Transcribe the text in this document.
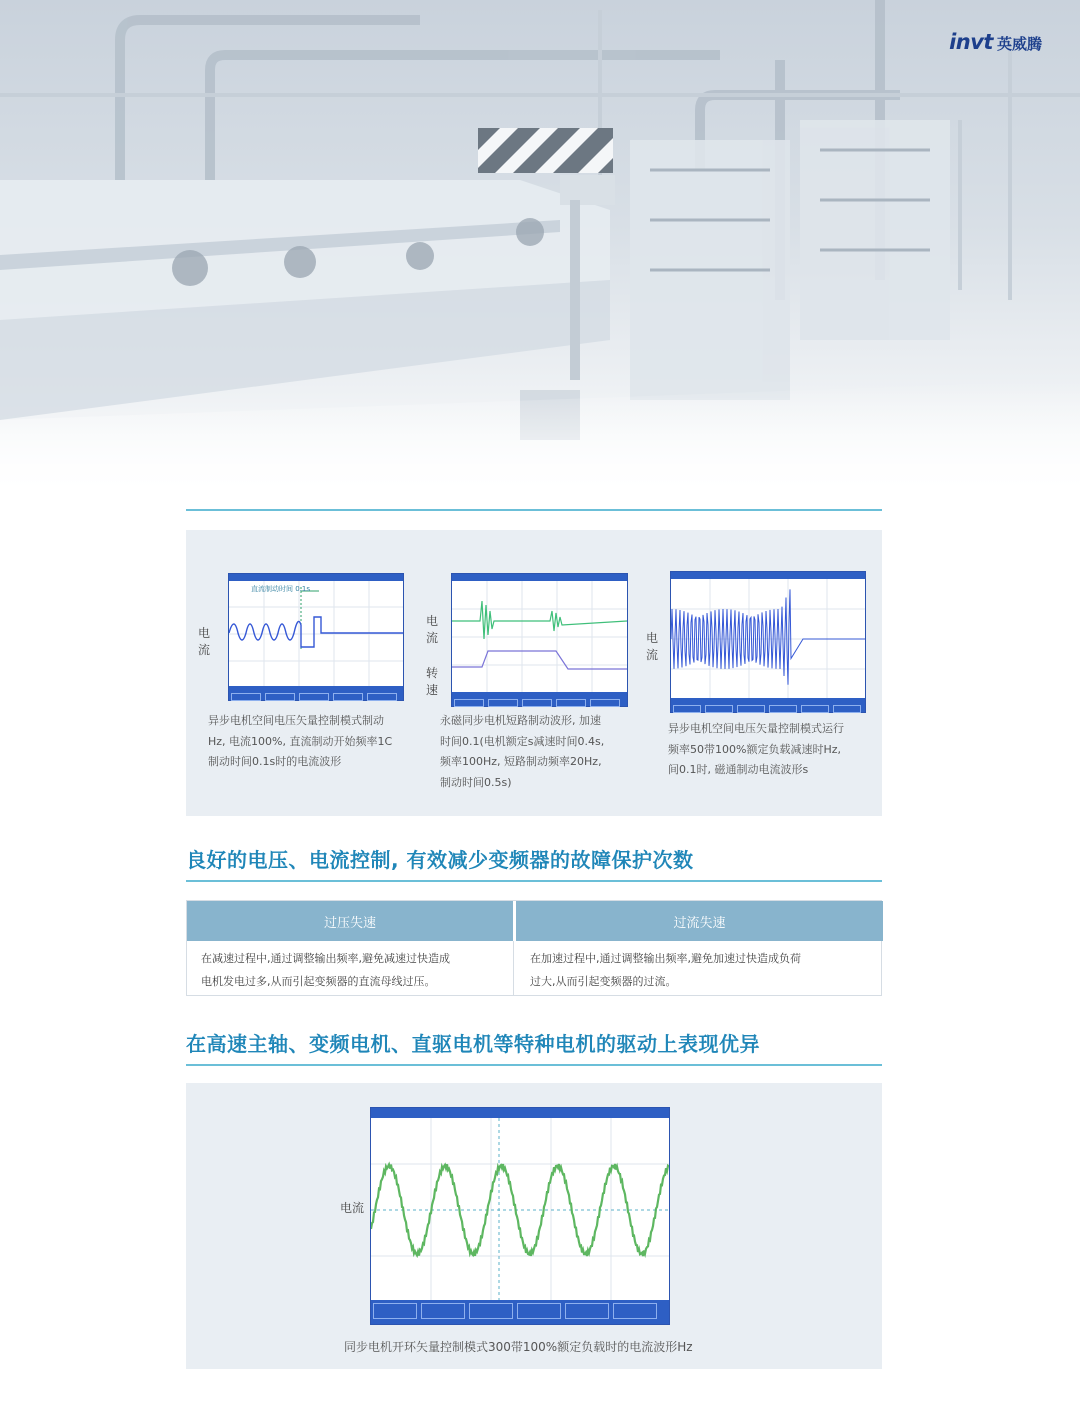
invt 英威腾
电流
直流制动时间 0.1s
异步电机空间电压矢量控制模式制动
Hz, 电流100%, 直流制动开始频率1C
制动时间0.1s时的电流波形
电流
转速
永磁同步电机短路制动波形, 加速
时间0.1(电机额定s减速时间0.4s,
频率100Hz, 短路制动频率20Hz,
制动时间0.5s)
电流
异步电机空间电压矢量控制模式运行
频率50带100%额定负载减速时Hz,
间0.1时, 磁通制动电流波形s
良好的电压、电流控制, 有效减少变频器的故障保护次数
过压失速
在减速过程中,通过调整输出频率,避免减速过快造成
电机发电过多,从而引起变频器的直流母线过压。
过流失速
在加速过程中,通过调整输出频率,避免加速过快造成负荷
过大,从而引起变频器的过流。
在高速主轴、变频电机、直驱电机等特种电机的驱动上表现优异
电流
同步电机开环矢量控制模式300带100%额定负载时的电流波形Hz
